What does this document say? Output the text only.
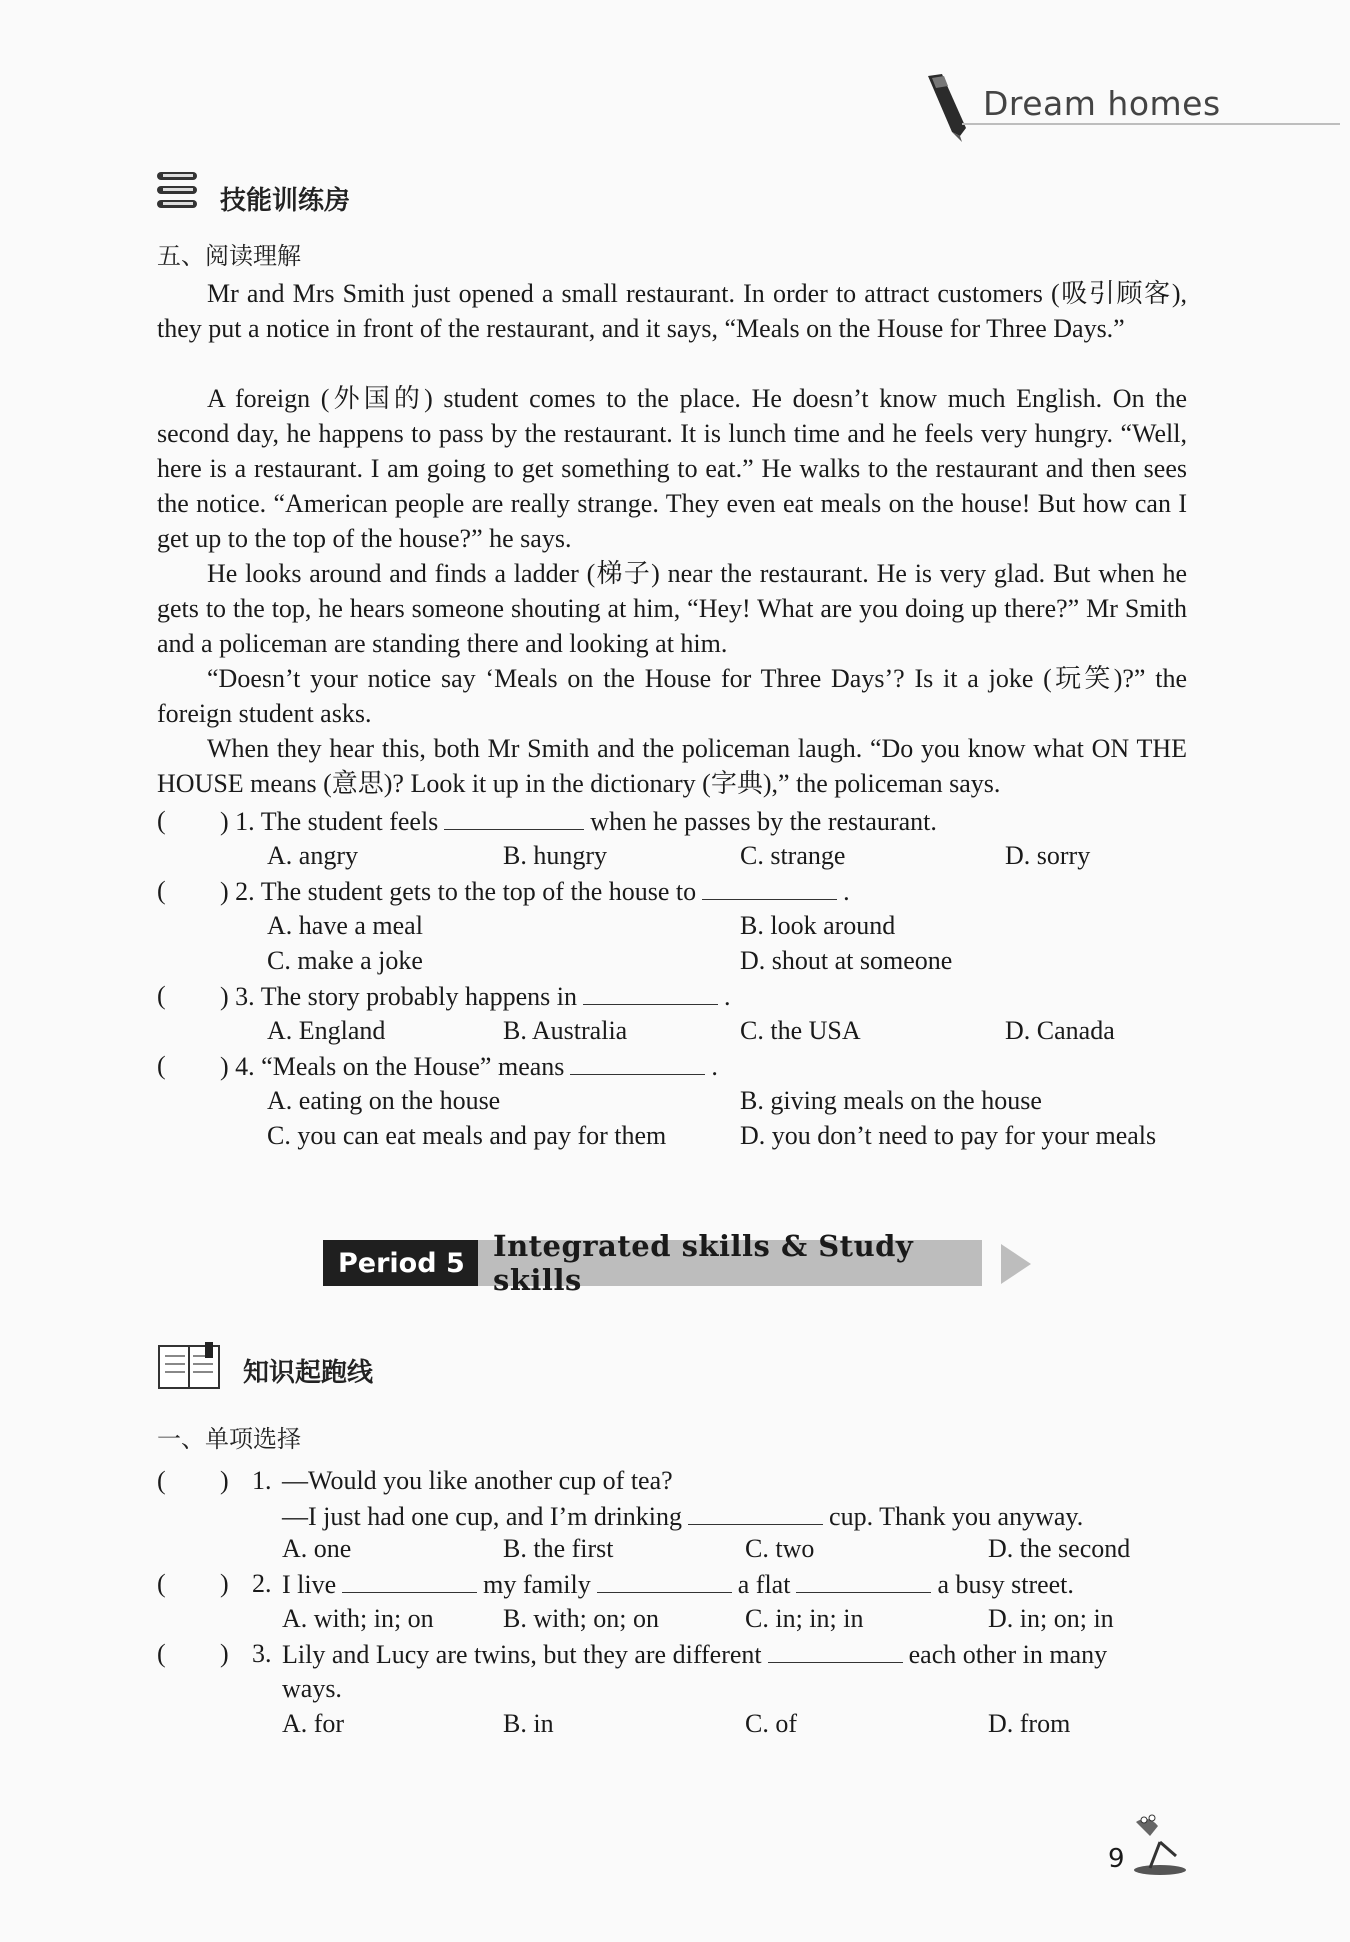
Dream homes
技能训练房
五、阅读理解
Mr and Mrs Smith just opened a small restaurant. In order to attract customers (吸引顾客), they put a notice in front of the restaurant, and it says, “Meals on the House for Three Days.”
A foreign (外国的) student comes to the place. He doesn’t know much English. On the second day, he happens to pass by the restaurant. It is lunch time and he feels very hungry. “Well, here is a restaurant. I am going to get something to eat.” He walks to the restaurant and then sees the notice. “American people are really strange. They even eat meals on the house! But how can I get up to the top of the house?” he says.
He looks around and finds a ladder (梯子) near the restaurant. He is very glad. But when he gets to the top, he hears someone shouting at him, “Hey! What are you doing up there?” Mr Smith and a policeman are standing there and looking at him.
“Doesn’t your notice say ‘Meals on the House for Three Days’? Is it a joke (玩笑)?” the foreign student asks.
When they hear this, both Mr Smith and the policeman laugh. “Do you know what ON THE HOUSE means (意思)? Look it up in the dictionary (字典),” the policeman says.
( ) 1. The student feels	when he passes by the restaurant.
A. angry	B. hungry	C. strange	D. sorry
( ) 2. The student gets to the top of the house to	.
A. have a meal	B. look around
C. make a joke	D. shout at someone
( ) 3. The story probably happens in	.
A. England	B. Australia	C. the USA	D. Canada
( ) 4. “Meals on the House” means	.
A. eating on the house	B. giving meals on the house
C. you can eat meals and pay for them	D. you don’t need to pay for your meals
Period 5 Integrated skills & Study skills
知识起跑线
一、单项选择
( ) 1. —Would you like another cup of tea?
—I just had one cup, and I’m drinking	cup. Thank you anyway.
A. one	B. the first	C. two	D. the second
( ) 2. I live	my family	a flat	a busy street.
A. with; in; on	B. with; on; on	C. in; in; in	D. in; on; in
( ) 3. Lily and Lucy are twins, but they are different	each other in many
ways.
A. for	B. in	C. of	D. from
9
